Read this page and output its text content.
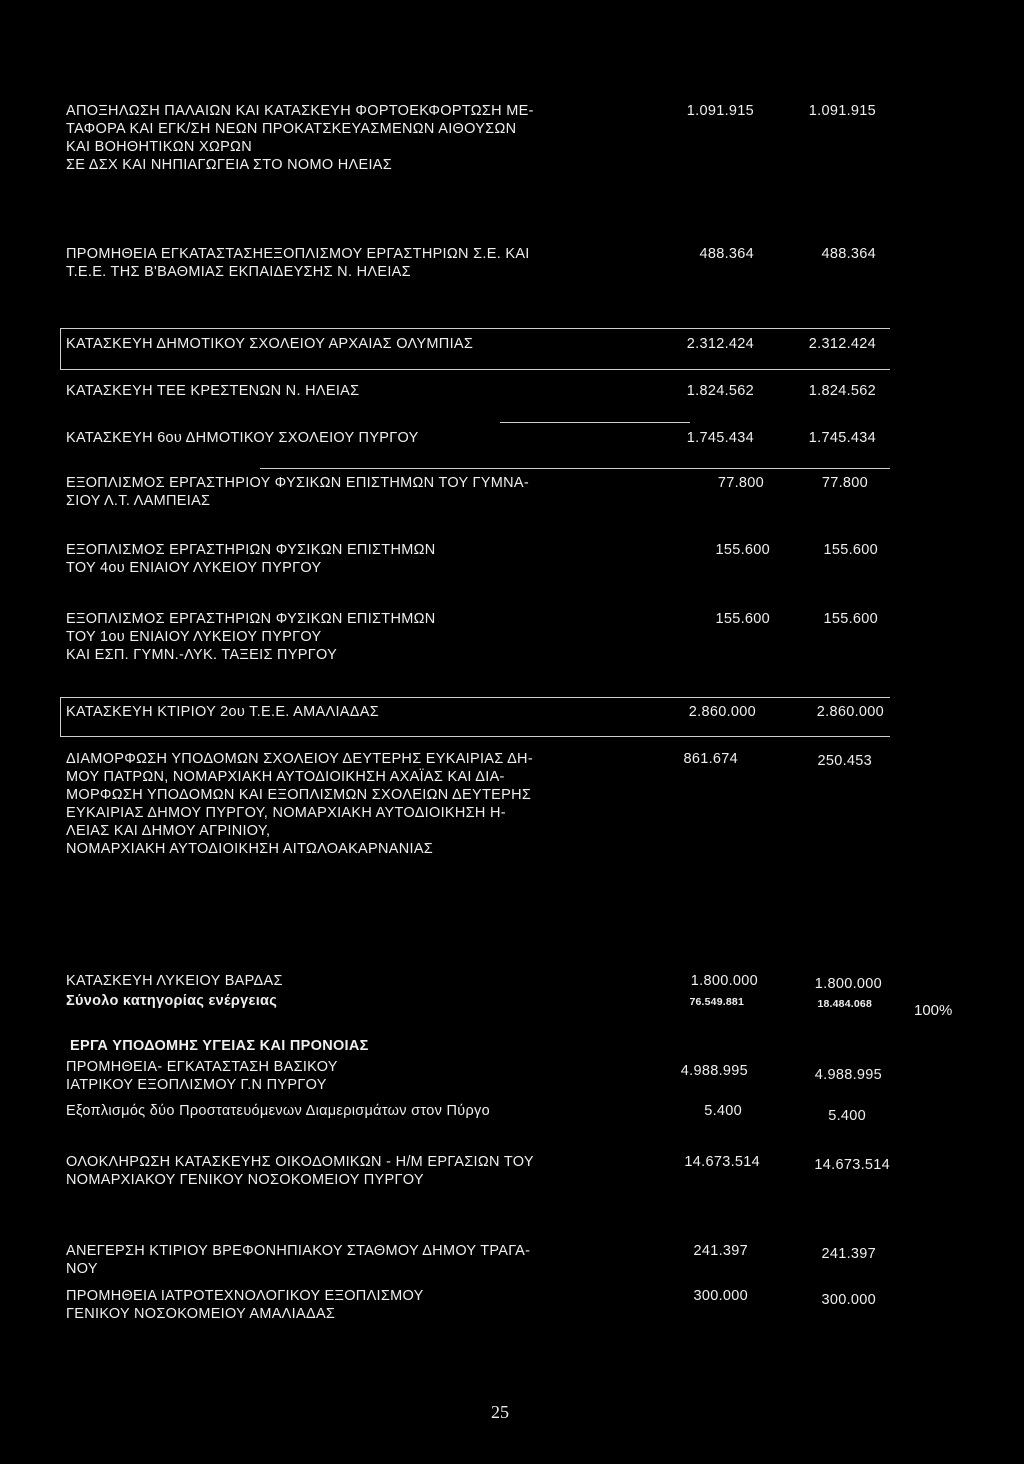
ΑΠΟΞΗΛΩΣΗ ΠΑΛΑΙΩΝ ΚΑΙ ΚΑΤΑΣΚΕΥΗ ΦΟΡΤΟΕΚΦΟΡΤΩΣΗ ΜΕ-
ΤΑΦΟΡΑ ΚΑΙ ΕΓΚ/ΣΗ ΝΕΩΝ ΠΡΟΚΑΤΣΚΕΥΑΣΜΕΝΩΝ ΑΙΘΟΥΣΩΝ
ΚΑΙ ΒΟΗΘΗΤΙΚΩΝ ΧΩΡΩΝ
ΣΕ ΔΣΧ ΚΑΙ ΝΗΠΙΑΓΩΓΕΙΑ ΣΤΟ ΝΟΜΟ ΗΛΕΙΑΣ
1.091.915	1.091.915
ΠΡΟΜΗΘΕΙΑ ΕΓΚΑΤΑΣΤΑΣΗΕΞΟΠΛΙΣΜΟΥ ΕΡΓΑΣΤΗΡΙΩΝ Σ.Ε. ΚΑΙ
Τ.Ε.Ε. ΤΗΣ Β'ΒΑΘΜΙΑΣ ΕΚΠΑΙΔΕΥΣΗΣ Ν. ΗΛΕΙΑΣ
488.364	488.364
ΚΑΤΑΣΚΕΥΗ ΔΗΜΟΤΙΚΟΥ ΣΧΟΛΕΙΟΥ ΑΡΧΑΙΑΣ ΟΛΥΜΠΙΑΣ	2.312.424	2.312.424
ΚΑΤΑΣΚΕΥΗ ΤΕΕ ΚΡΕΣΤΕΝΩΝ Ν. ΗΛΕΙΑΣ	1.824.562	1.824.562
ΚΑΤΑΣΚΕΥΗ 6ου ΔΗΜΟΤΙΚΟΥ ΣΧΟΛΕΙΟΥ ΠΥΡΓΟΥ	1.745.434	1.745.434
ΕΞΟΠΛΙΣΜΟΣ ΕΡΓΑΣΤΗΡΙΟΥ ΦΥΣΙΚΩΝ ΕΠΙΣΤΗΜΩΝ ΤΟΥ ΓΥΜΝΑ-
ΣΙΟΥ Λ.Τ. ΛΑΜΠΕΙΑΣ
77.800	77.800
ΕΞΟΠΛΙΣΜΟΣ ΕΡΓΑΣΤΗΡΙΩΝ ΦΥΣΙΚΩΝ ΕΠΙΣΤΗΜΩΝ
ΤΟΥ 4ου ΕΝΙΑΙΟΥ ΛΥΚΕΙΟΥ ΠΥΡΓΟΥ
155.600	155.600
ΕΞΟΠΛΙΣΜΟΣ ΕΡΓΑΣΤΗΡΙΩΝ ΦΥΣΙΚΩΝ ΕΠΙΣΤΗΜΩΝ
ΤΟΥ 1ου ΕΝΙΑΙΟΥ ΛΥΚΕΙΟΥ ΠΥΡΓΟΥ
ΚΑΙ ΕΣΠ. ΓΥΜΝ.-ΛΥΚ. ΤΑΞΕΙΣ ΠΥΡΓΟΥ
155.600	155.600
ΚΑΤΑΣΚΕΥΗ ΚΤΙΡΙΟΥ 2ου Τ.Ε.Ε. ΑΜΑΛΙΑΔΑΣ	2.860.000	2.860.000
ΔΙΑΜΟΡΦΩΣΗ ΥΠΟΔΟΜΩΝ ΣΧΟΛΕΙΟΥ ΔΕΥΤΕΡΗΣ ΕΥΚΑΙΡΙΑΣ ΔΗ-
ΜΟΥ ΠΑΤΡΩΝ, ΝΟΜΑΡΧΙΑΚΗ ΑΥΤΟΔΙΟΙΚΗΣΗ ΑΧΑΪΑΣ ΚΑΙ ΔΙΑ-
ΜΟΡΦΩΣΗ ΥΠΟΔΟΜΩΝ ΚΑΙ ΕΞΟΠΛΙΣΜΩΝ ΣΧΟΛΕΙΩΝ ΔΕΥΤΕΡΗΣ
ΕΥΚΑΙΡΙΑΣ ΔΗΜΟΥ ΠΥΡΓΟΥ, ΝΟΜΑΡΧΙΑΚΗ ΑΥΤΟΔΙΟΙΚΗΣΗ Η-
ΛΕΙΑΣ ΚΑΙ ΔΗΜΟΥ ΑΓΡΙΝΙΟΥ,
ΝΟΜΑΡΧΙΑΚΗ ΑΥΤΟΔΙΟΙΚΗΣΗ ΑΙΤΩΛΟΑΚΑΡΝΑΝΙΑΣ
861.674	250.453
ΚΑΤΑΣΚΕΥΗ ΛΥΚΕΙΟΥ ΒΑΡΔΑΣ	1.800.000	1.800.000
Σύνολο κατηγορίας ενέργειας	76.549.881	18.484.068	100%
ΕΡΓΑ ΥΠΟΔΟΜΗΣ ΥΓΕΙΑΣ ΚΑΙ ΠΡΟΝΟΙΑΣ
ΠΡΟΜΗΘΕΙΑ- ΕΓΚΑΤΑΣΤΑΣΗ ΒΑΣΙΚΟΥ
ΙΑΤΡΙΚΟΥ ΕΞΟΠΛΙΣΜΟΥ Γ.Ν ΠΥΡΓΟΥ
4.988.995	4.988.995
Εξοπλισμός δύο Προστατευόμενων Διαμερισμάτων στον Πύργο	5.400	5.400
ΟΛΟΚΛΗΡΩΣΗ ΚΑΤΑΣΚΕΥΗΣ ΟΙΚΟΔΟΜΙΚΩΝ - Η/Μ ΕΡΓΑΣΙΩΝ ΤΟΥ
ΝΟΜΑΡΧΙΑΚΟΥ ΓΕΝΙΚΟΥ ΝΟΣΟΚΟΜΕΙΟΥ ΠΥΡΓΟΥ
14.673.514	14.673.514
ΑΝΕΓΕΡΣΗ ΚΤΙΡΙΟΥ ΒΡΕΦΟΝΗΠΙΑΚΟΥ ΣΤΑΘΜΟΥ ΔΗΜΟΥ ΤΡΑΓΑ-
ΝΟΥ
241.397	241.397
ΠΡΟΜΗΘΕΙΑ ΙΑΤΡΟΤΕΧΝΟΛΟΓΙΚΟΥ ΕΞΟΠΛΙΣΜΟΥ
ΓΕΝΙΚΟΥ ΝΟΣΟΚΟΜΕΙΟΥ ΑΜΑΛΙΑΔΑΣ
300.000	300.000
25
